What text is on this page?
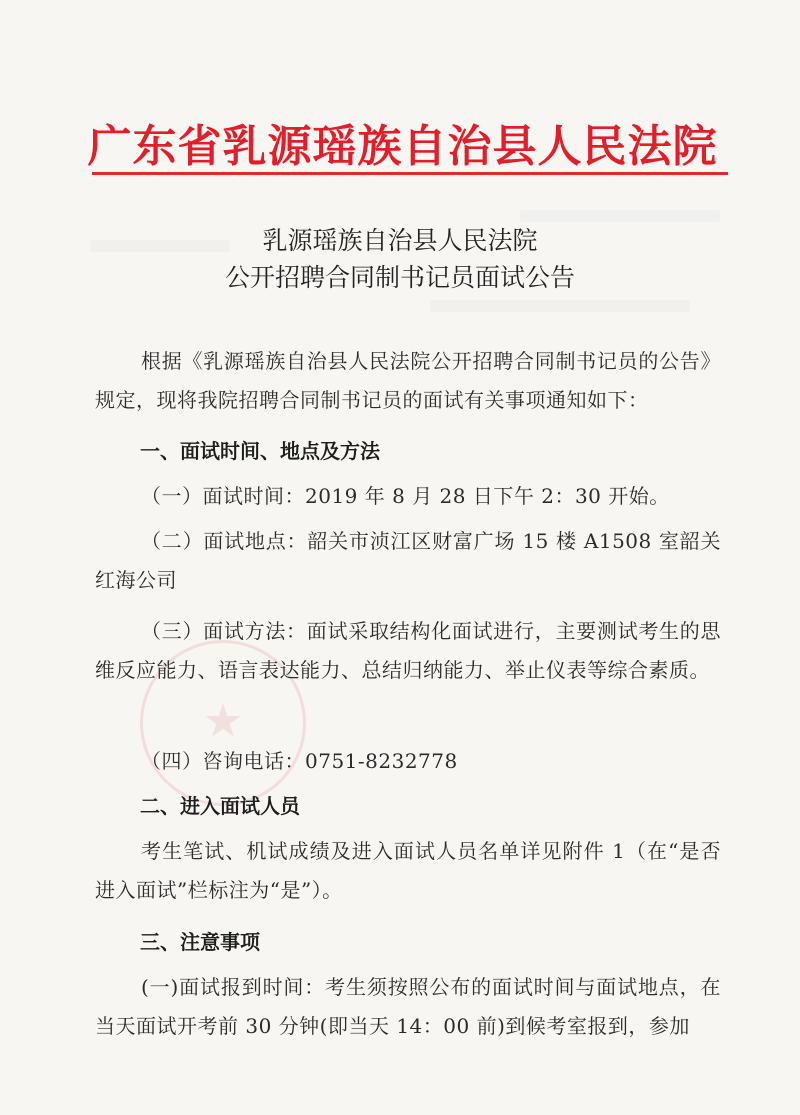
★
广东省乳源瑶族自治县人民法院
乳源瑶族自治县人民法院
公开招聘合同制书记员面试公告
根据《乳源瑶族自治县人民法院公开招聘合同制书记员的公告》规定，现将我院招聘合同制书记员的面试有关事项通知如下：
一、面试时间、地点及方法
（一）面试时间：2019 年 8 月 28 日下午 2：30 开始。
（二）面试地点：韶关市浈江区财富广场 15 楼 A1508 室韶关红海公司
（三）面试方法：面试采取结构化面试进行，主要测试考生的思维反应能力、语言表达能力、总结归纳能力、举止仪表等综合素质。
（四）咨询电话：0751-8232778
二、进入面试人员
考生笔试、机试成绩及进入面试人员名单详见附件 1（在“是否进入面试”栏标注为“是”）。
三、注意事项
(一)面试报到时间：考生须按照公布的面试时间与面试地点，在当天面试开考前 30 分钟(即当天 14：00 前)到候考室报到，参加
